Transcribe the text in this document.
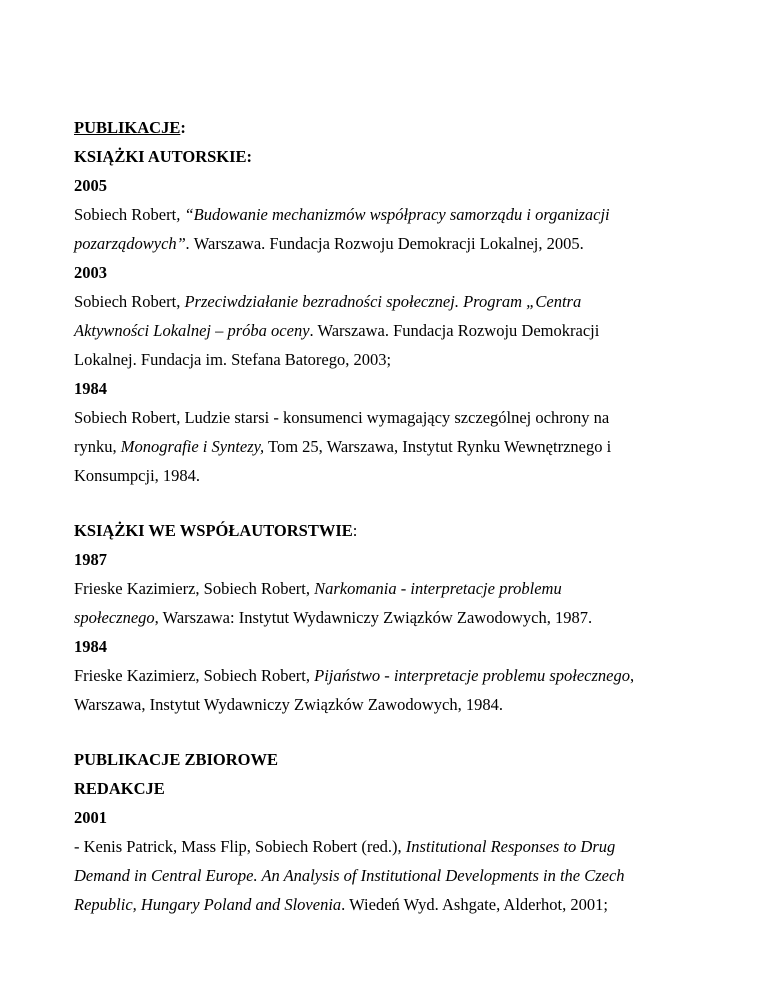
PUBLIKACJE:
KSIĄŻKI AUTORSKIE:
2005
Sobiech Robert, “Budowanie mechanizmów współpracy samorządu i organizacji
pozarządowych”. Warszawa. Fundacja Rozwoju Demokracji Lokalnej, 2005.
2003
Sobiech Robert, Przeciwdziałanie bezradności społecznej. Program „Centra
Aktywności Lokalnej – próba oceny. Warszawa. Fundacja Rozwoju Demokracji
Lokalnej. Fundacja im. Stefana Batorego, 2003;
1984
Sobiech Robert, Ludzie starsi - konsumenci wymagający szczególnej ochrony na
rynku, Monografie i Syntezy, Tom 25, Warszawa, Instytut Rynku Wewnętrznego i
Konsumpcji, 1984.
KSIĄŻKI WE WSPÓŁAUTORSTWIE:
1987
Frieske Kazimierz, Sobiech Robert, Narkomania - interpretacje problemu
społecznego, Warszawa: Instytut Wydawniczy Związków Zawodowych, 1987.
1984
Frieske Kazimierz, Sobiech Robert, Pijaństwo - interpretacje problemu społecznego,
Warszawa, Instytut Wydawniczy Związków Zawodowych, 1984.
PUBLIKACJE ZBIOROWE
REDAKCJE
2001
- Kenis Patrick, Mass Flip, Sobiech Robert (red.), Institutional Responses to Drug
Demand in Central Europe. An Analysis of Institutional Developments in the Czech
Republic, Hungary Poland and Slovenia. Wiedeń Wyd. Ashgate, Alderhot, 2001;
